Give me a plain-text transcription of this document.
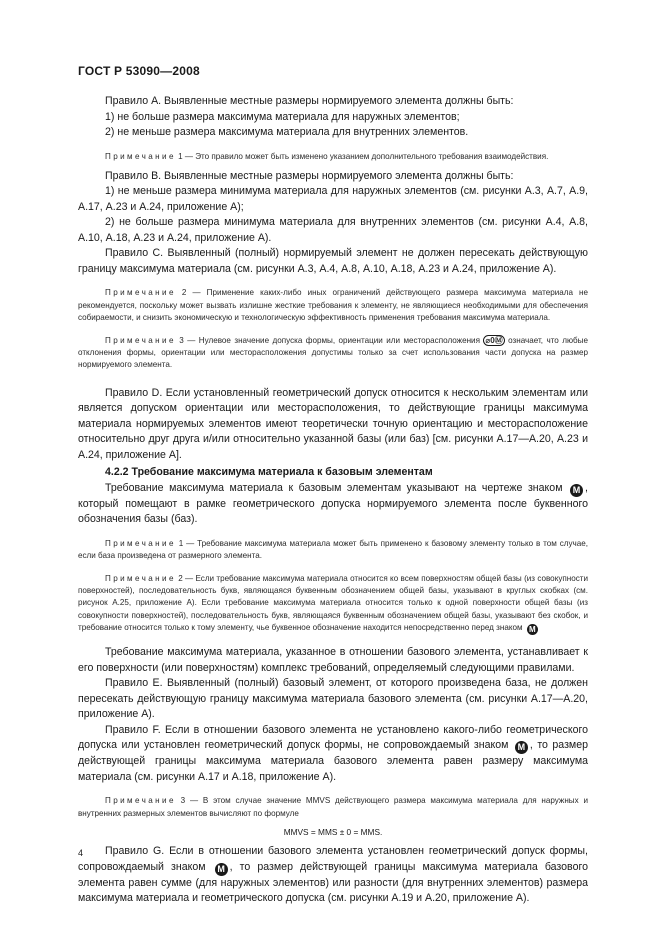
ГОСТ Р 53090—2008

Правило А. Выявленные местные размеры нормируемого элемента должны быть:

1) не больше размера максимума материала для наружных элементов;

2) не меньше размера максимума материала для внутренних элементов.

Примечание 1 — Это правило может быть изменено указанием дополнительного требования взаимодействия.

Правило В. Выявленные местные размеры нормируемого элемента должны быть:

1) не меньше размера минимума материала для наружных элементов (см. рисунки А.3, А.7, А.9, А.17, А.23 и А.24, приложение А);

2) не больше размера минимума материала для внутренних элементов (см. рисунки А.4, А.8, А.10, А.18, А.23 и А.24, приложение А).

Правило С. Выявленный (полный) нормируемый элемент не должен пересекать действующую границу максимума материала (см. рисунки А.3, А.4, А.8, А.10, А.18, А.23 и А.24, приложение А).

Примечание 2 — Применение каких-либо иных ограничений действующего размера максимума материала не рекомендуется, поскольку может вызвать излишне жесткие требования к элементу, не являющиеся необходимыми для обеспечения собираемости, и снизить экономическую и технологическую эффективность применения требования максимума материала.

Примечание 3 — Нулевое значение допуска формы, ориентации или месторасположения ⌀0Ⓜ означает, что любые отклонения формы, ориентации или месторасположения допустимы только за счет использования части допуска на размер нормируемого элемента.

Правило D. Если установленный геометрический допуск относится к нескольким элементам или является допуском ориентации или месторасположения, то действующие границы максимума материала нормируемых элементов имеют теоретически точную ориентацию и месторасположение относительно друг друга и/или относительно указанной базы (или баз) [см. рисунки А.17—А.20, А.23 и А.24, приложение А].

4.2.2 Требование максимума материала к базовым элементам

Требование максимума материала к базовым элементам указывают на чертеже знаком M , который помещают в рамке геометрического допуска нормируемого элемента после буквенного обозначения базы (баз).

Примечание 1 — Требование максимума материала может быть применено к базовому элементу только в том случае, если база произведена от размерного элемента.

Примечание 2 — Если требование максимума материала относится ко всем поверхностям общей базы (из совокупности поверхностей), последовательность букв, являющаяся буквенным обозначением общей базы, указывают в круглых скобках (см. рисунок А.25, приложение А). Если требование максимума материала относится только к одной поверхности общей базы (из совокупности поверхностей), последовательность букв, являющаяся буквенным обозначением общей базы, указывают без скобок, и требование относится только к тому элементу, чье буквенное обозначение находится непосредственно перед знаком M

Требование максимума материала, указанное в отношении базового элемента, устанавливает к его поверхности (или поверхностям) комплекс требований, определяемый следующими правилами.

Правило Е. Выявленный (полный) базовый элемент, от которого произведена база, не должен пересекать действующую границу максимума материала базового элемента (см. рисунки А.17—А.20, приложение А).

Правило F. Если в отношении базового элемента не установлено какого-либо геометрического допуска или установлен геометрический допуск формы, не сопровождаемый знаком M , то размер действующей границы максимума материала базового элемента равен размеру максимума материала (см. рисунки А.17 и А.18, приложение А).

Примечание 3 — В этом случае значение MMVS действующего размера максимума материала для наружных и внутренних размерных элементов вычисляют по формуле

MMVS = MMS ± 0 = MMS.

Правило G. Если в отношении базового элемента установлен геометрический допуск формы, сопровождаемый знаком M , то размер действующей границы максимума материала базового элемента равен сумме (для наружных элементов) или разности (для внутренних элементов) размера максимума материала и геометрического допуска (см. рисунки А.19 и А.20, приложение А).

4
